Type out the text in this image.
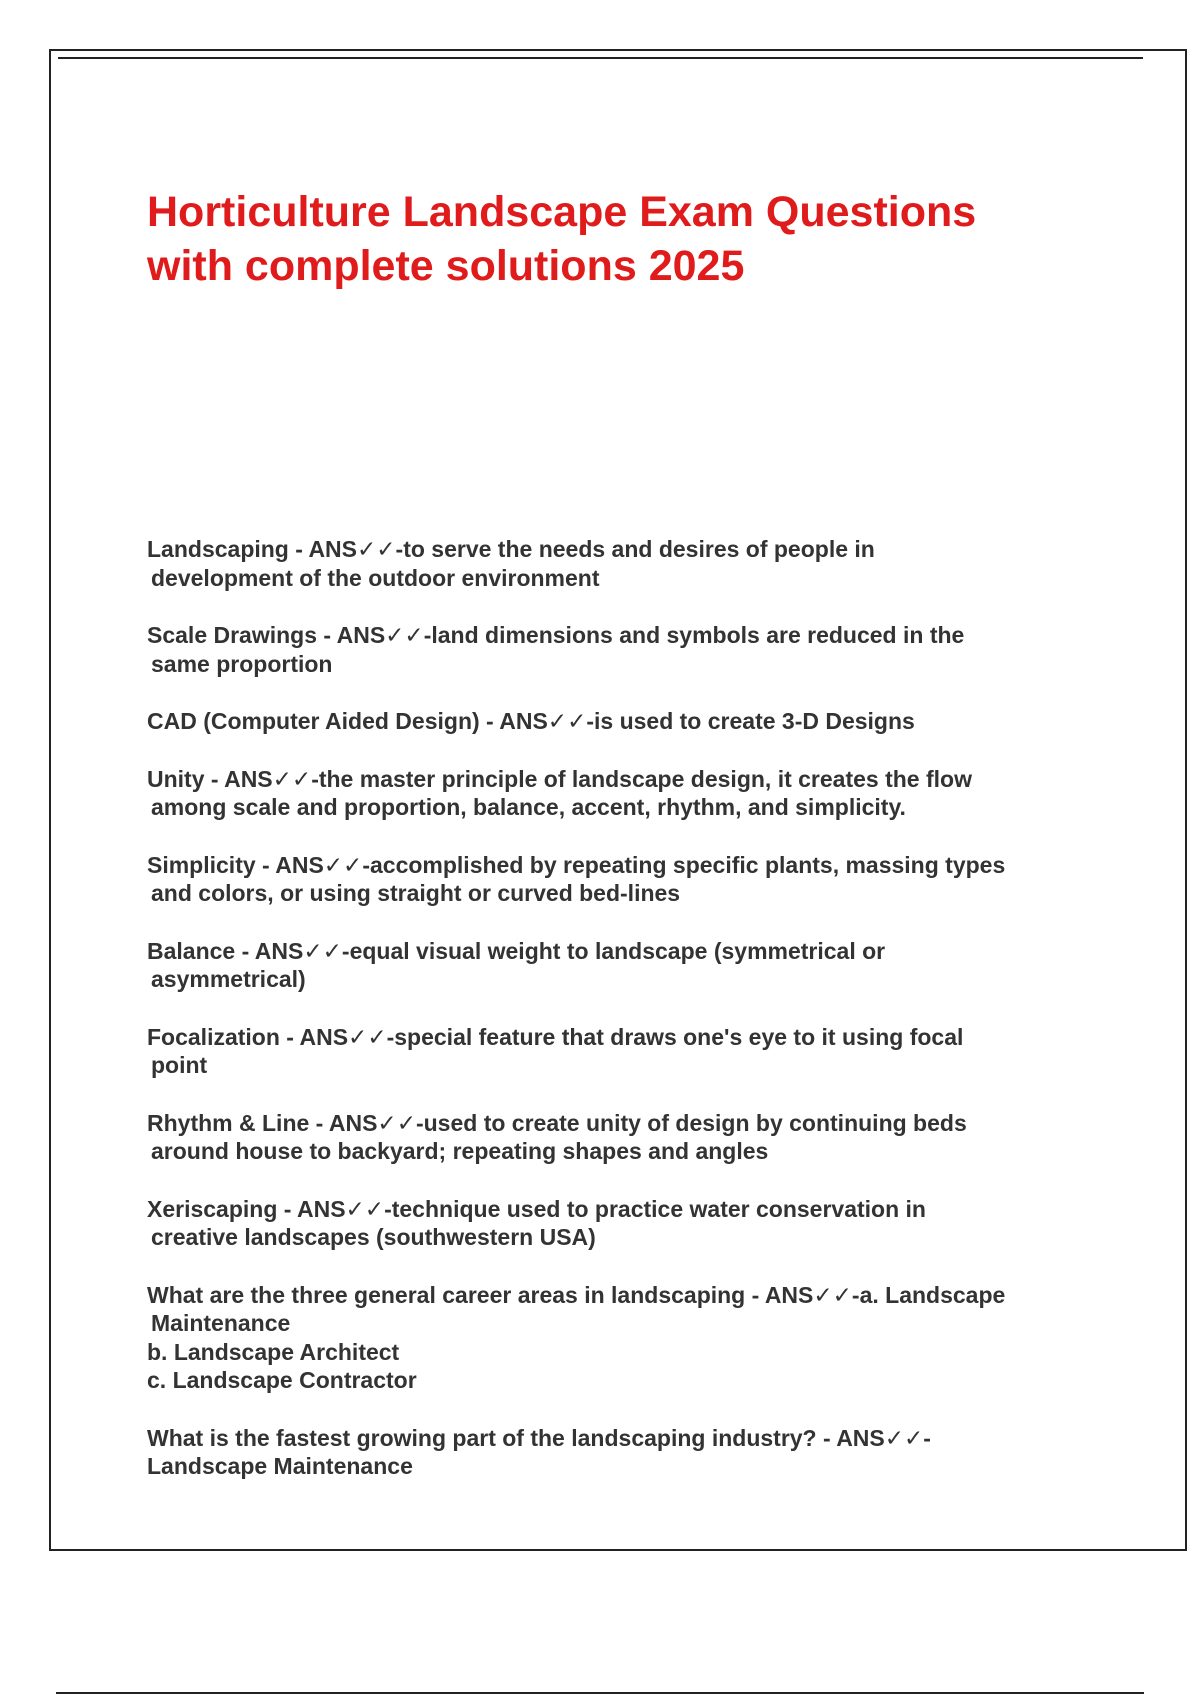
Horticulture Landscape Exam Questions
with complete solutions 2025
Landscaping - ANS✓✓-to serve the needs and desires of people in
development of the outdoor environment
Scale Drawings - ANS✓✓-land dimensions and symbols are reduced in the
same proportion
CAD (Computer Aided Design) - ANS✓✓-is used to create 3-D Designs
Unity - ANS✓✓-the master principle of landscape design, it creates the flow
among scale and proportion, balance, accent, rhythm, and simplicity.
Simplicity - ANS✓✓-accomplished by repeating specific plants, massing types
and colors, or using straight or curved bed-lines
Balance - ANS✓✓-equal visual weight to landscape (symmetrical or
asymmetrical)
Focalization - ANS✓✓-special feature that draws one's eye to it using focal
point
Rhythm & Line - ANS✓✓-used to create unity of design by continuing beds
around house to backyard; repeating shapes and angles
Xeriscaping - ANS✓✓-technique used to practice water conservation in
creative landscapes (southwestern USA)
What are the three general career areas in landscaping - ANS✓✓-a. Landscape
Maintenance
b. Landscape Architect
c. Landscape Contractor
What is the fastest growing part of the landscaping industry? - ANS✓✓-
Landscape Maintenance
